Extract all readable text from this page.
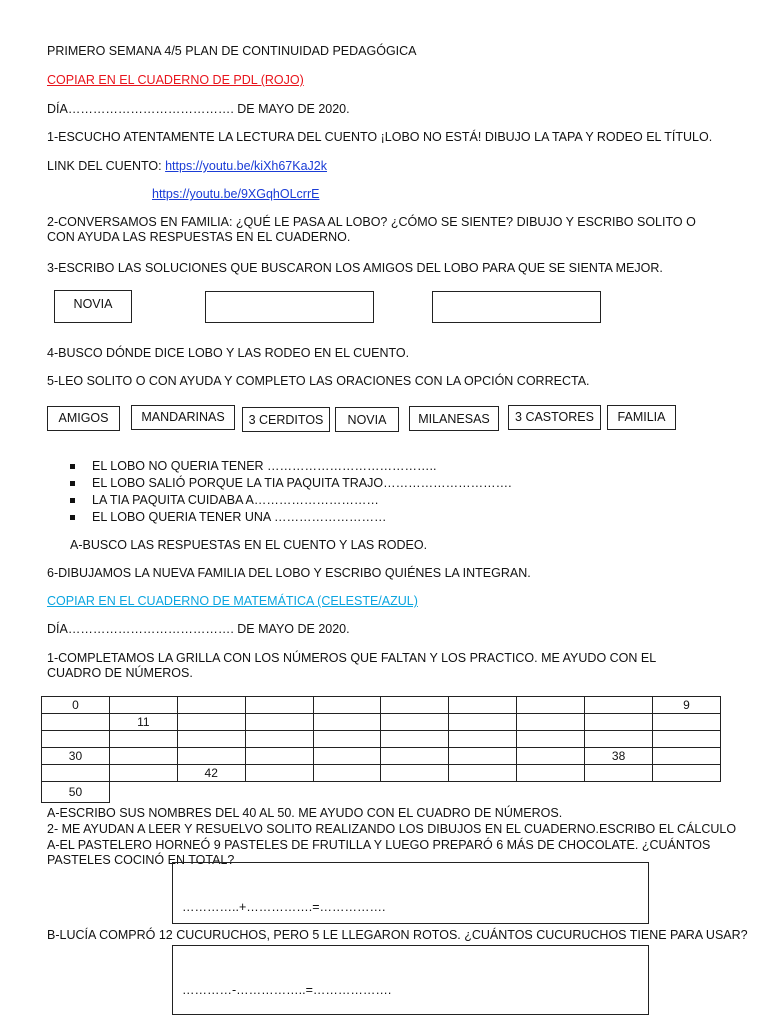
PRIMERO SEMANA 4/5 PLAN DE CONTINUIDAD PEDAGÓGICA
COPIAR EN EL CUADERNO DE PDL (ROJO)
DÍA…………………………………. DE MAYO DE 2020.
1-ESCUCHO ATENTAMENTE LA LECTURA DEL CUENTO ¡LOBO NO ESTÁ! DIBUJO LA TAPA Y RODEO EL TÍTULO.
LINK DEL CUENTO: https://youtu.be/kiXh67KaJ2k
https://youtu.be/9XGqhOLcrrE
2-CONVERSAMOS EN FAMILIA: ¿QUÉ LE PASA AL LOBO? ¿CÓMO SE SIENTE? DIBUJO Y ESCRIBO SOLITO O CON AYUDA LAS RESPUESTAS EN EL CUADERNO.
3-ESCRIBO LAS SOLUCIONES QUE BUSCARON LOS AMIGOS DEL LOBO PARA QUE SE SIENTA MEJOR.
NOVIA
4-BUSCO DÓNDE DICE LOBO Y LAS RODEO EN EL CUENTO.
5-LEO SOLITO O CON AYUDA Y COMPLETO LAS ORACIONES CON LA OPCIÓN CORRECTA.
AMIGOS	MANDARINAS	3 CERDITOS	NOVIA	MILANESAS	3 CASTORES	FAMILIA
EL LOBO NO QUERIA TENER …………………………………..
EL LOBO SALIÓ PORQUE LA TIA PAQUITA TRAJO………………………….
LA TIA PAQUITA CUIDABA A…………………………
EL LOBO QUERIA TENER UNA ………………………
A-BUSCO LAS RESPUESTAS EN EL CUENTO Y LAS RODEO.
6-DIBUJAMOS LA NUEVA FAMILIA DEL LOBO Y ESCRIBO QUIÉNES LA INTEGRAN.
COPIAR EN EL CUADERNO DE MATEMÁTICA (CELESTE/AZUL)
DÍA…………………………………. DE MAYO DE 2020.
1-COMPLETAMOS LA GRILLA CON LOS NÚMEROS QUE FALTAN Y LOS PRACTICO. ME AYUDO CON EL CUADRO DE NÚMEROS.
0									9
	11								

30								38	
		42							
50									
A-ESCRIBO SUS NOMBRES DEL 40 AL 50. ME AYUDO CON EL CUADRO DE NÚMEROS.
2- ME AYUDAN A LEER Y RESUELVO SOLITO REALIZANDO LOS DIBUJOS EN EL CUADERNO.ESCRIBO EL CÁLCULO
A-EL PASTELERO HORNEÓ 9 PASTELES DE FRUTILLA Y LUEGO PREPARÓ 6 MÁS DE CHOCOLATE. ¿CUÁNTOS PASTELES COCINÓ EN TOTAL?
…………..+…………….=…………….
B-LUCÍA COMPRÓ 12 CUCURUCHOS, PERO 5 LE LLEGARON ROTOS. ¿CUÁNTOS CUCURUCHOS TIENE PARA USAR?
…………-……………..=……………….
